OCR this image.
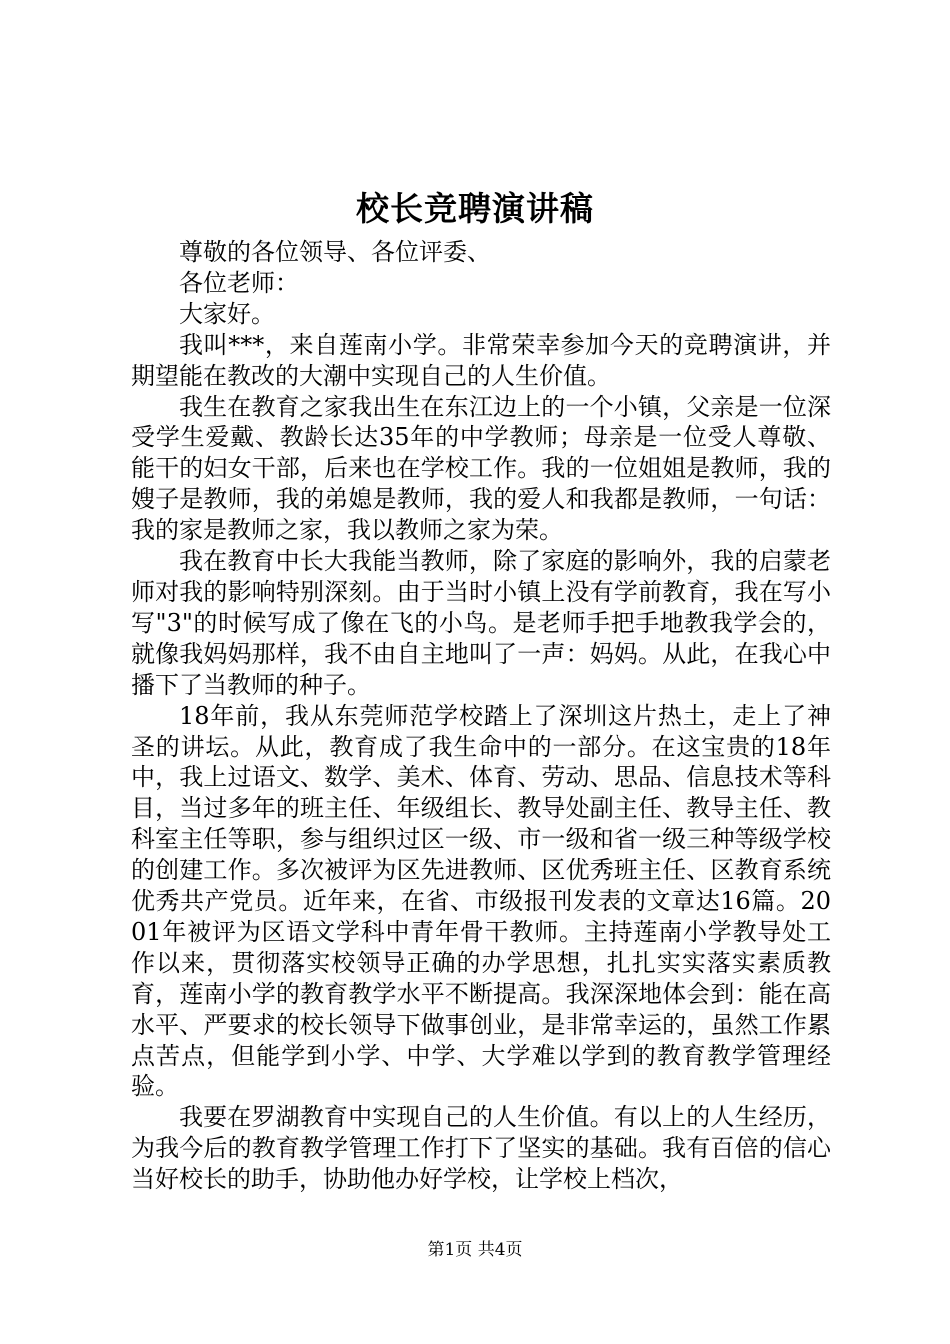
校长竞聘演讲稿

尊敬的各位领导、各位评委、

各位老师：

大家好。

我叫***，来自莲南小学。非常荣幸参加今天的竞聘演讲，并期望能在教改的大潮中实现自己的人生价值。

我生在教育之家我出生在东江边上的一个小镇，父亲是一位深受学生爱戴、教龄长达35年的中学教师；母亲是一位受人尊敬、能干的妇女干部，后来也在学校工作。我的一位姐姐是教师，我的嫂子是教师，我的弟媳是教师，我的爱人和我都是教师，一句话：我的家是教师之家，我以教师之家为荣。

我在教育中长大我能当教师，除了家庭的影响外，我的启蒙老师对我的影响特别深刻。由于当时小镇上没有学前教育，我在写小写"3"的时候写成了像在飞的小鸟。是老师手把手地教我学会的，就像我妈妈那样，我不由自主地叫了一声：妈妈。从此，在我心中播下了当教师的种子。

18年前，我从东莞师范学校踏上了深圳这片热土，走上了神圣的讲坛。从此，教育成了我生命中的一部分。在这宝贵的18年中，我上过语文、数学、美术、体育、劳动、思品、信息技术等科目，当过多年的班主任、年级组长、教导处副主任、教导主任、教科室主任等职，参与组织过区一级、市一级和省一级三种等级学校的创建工作。多次被评为区先进教师、区优秀班主任、区教育系统优秀共产党员。近年来，在省、市级报刊发表的文章达16篇。2001年被评为区语文学科中青年骨干教师。主持莲南小学教导处工作以来，贯彻落实校领导正确的办学思想，扎扎实实落实素质教育，莲南小学的教育教学水平不断提高。我深深地体会到：能在高水平、严要求的校长领导下做事创业，是非常幸运的，虽然工作累点苦点，但能学到小学、中学、大学难以学到的教育教学管理经验。

我要在罗湖教育中实现自己的人生价值。有以上的人生经历，为我今后的教育教学管理工作打下了坚实的基础。我有百倍的信心当好校长的助手，协助他办好学校，让学校上档次，

第1页 共4页
